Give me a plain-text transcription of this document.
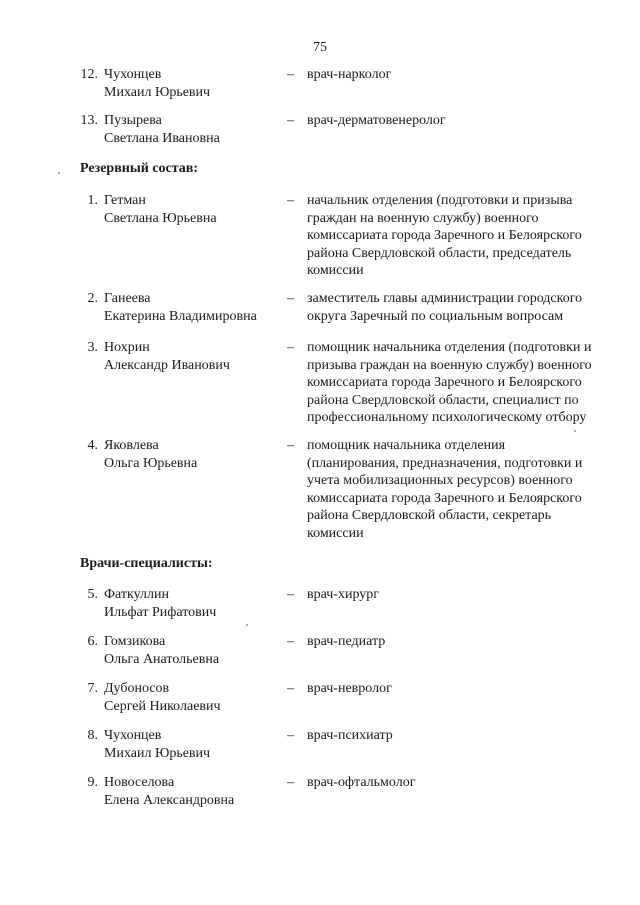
75
12. Чухонцев
Михаил Юрьевич
– врач-нарколог
13. Пузырева
Светлана Ивановна
– врач-дерматовенеролог
Резервный состав:
1. Гетман
Светлана Юрьевна
– начальник отделения (подготовки и призыва
граждан на военную службу) военного
комиссариата города Заречного и Белоярского
района Свердловской области, председатель
комиссии
2. Ганеева
Екатерина Владимировна
– заместитель главы администрации городского
округа Заречный по социальным вопросам
3. Нохрин
Александр Иванович
– помощник начальника отделения (подготовки и
призыва граждан на военную службу) военного
комиссариата города Заречного и Белоярского
района Свердловской области, специалист по
профессиональному психологическому отбору
4. Яковлева
Ольга Юрьевна
– помощник начальника отделения
(планирования, предназначения, подготовки и
учета мобилизационных ресурсов) военного
комиссариата города Заречного и Белоярского
района Свердловской области, секретарь
комиссии
Врачи-специалисты:
5. Фаткуллин
Ильфат Рифатович
– врач-хирург
6. Гомзикова
Ольга Анатольевна
– врач-педиатр
7. Дубоносов
Сергей Николаевич
– врач-невролог
8. Чухонцев
Михаил Юрьевич
– врач-психиатр
9. Новоселова
Елена Александровна
– врач-офтальмолог
